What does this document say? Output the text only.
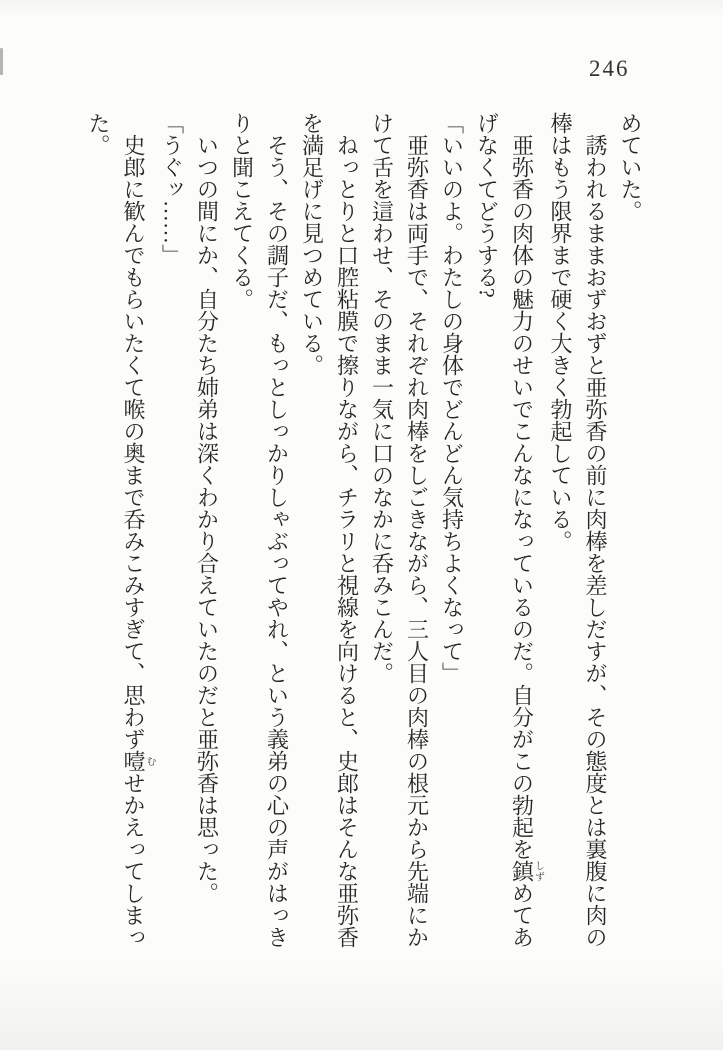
246

めていた。

誘われるままおずおずと亜弥香の前に肉棒を差しだすが、その態度とは裏腹に肉の

棒はもう限界まで硬く大きく勃起している。

亜弥香の肉体の魅力のせいでこんなになっているのだ。自分がこの勃起を鎮しずめてあ

げなくてどうする?

「いいのよ。わたしの身体でどんどん気持ちよくなって」

亜弥香は両手で、それぞれ肉棒をしごきながら、三人目の肉棒の根元から先端にか

けて舌を這わせ、そのまま一気に口のなかに呑みこんだ。

ねっとりと口腔粘膜で擦りながら、チラリと視線を向けると、史郎はそんな亜弥香

を満足げに見つめている。

そう、その調子だ、もっとしっかりしゃぶってやれ、という義弟の心の声がはっき

りと聞こえてくる。

いつの間にか、自分たち姉弟は深くわかり合えていたのだと亜弥香は思った。

「うぐッ……」

史郎に歓んでもらいたくて喉の奥まで呑みこみすぎて、思わず噎むせかえってしまっ

た。
